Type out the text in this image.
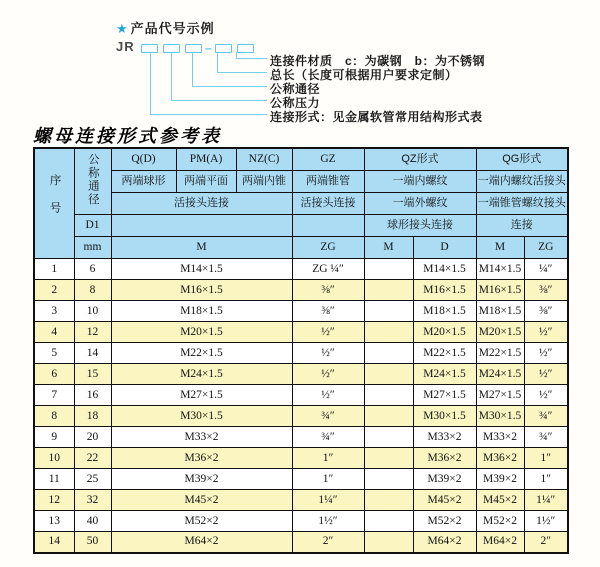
★ 产品代号示例
JR	–
连接件材质　c：为碳钢　b：为不锈钢
总长（长度可根据用户要求定制）
公称通径
公称压力
连接形式：见金属软管常用结构形式表
螺母连接形式参考表
序号	公称通径	Q(D)	PM(A)	NZ(C)	GZ	QZ形式		QG形式	
		两端球形	两端平面	两端内锥	两端锥管	一端内螺纹		一端内螺纹活接头	
		活接头连接			活接头连接	一端外螺纹		一端锥管螺纹接头	
	D1					球形接头连接		连接	
	mm	M			ZG	M	D	M	ZG
1	6	M14×1.5			ZG ¼″		M14×1.5	M14×1.5	¼″
2	8	M16×1.5			⅜″		M16×1.5	M16×1.5	⅜″
3	10	M18×1.5			⅜″		M18×1.5	M18×1.5	⅜″
4	12	M20×1.5			½″		M20×1.5	M20×1.5	½″
5	14	M22×1.5			½″		M22×1.5	M22×1.5	½″
6	15	M24×1.5			½″		M24×1.5	M24×1.5	½″
7	16	M27×1.5			½″		M27×1.5	M27×1.5	½″
8	18	M30×1.5			¾″		M30×1.5	M30×1.5	¾″
9	20	M33×2			¾″		M33×2	M33×2	¾″
10	22	M36×2			1″		M36×2	M36×2	1″
11	25	M39×2			1″		M39×2	M39×2	1″
12	32	M45×2			1¼″		M45×2	M45×2	1¼″
13	40	M52×2			1½″		M52×2	M52×2	1½″
14	50	M64×2			2″		M64×2	M64×2	2″
